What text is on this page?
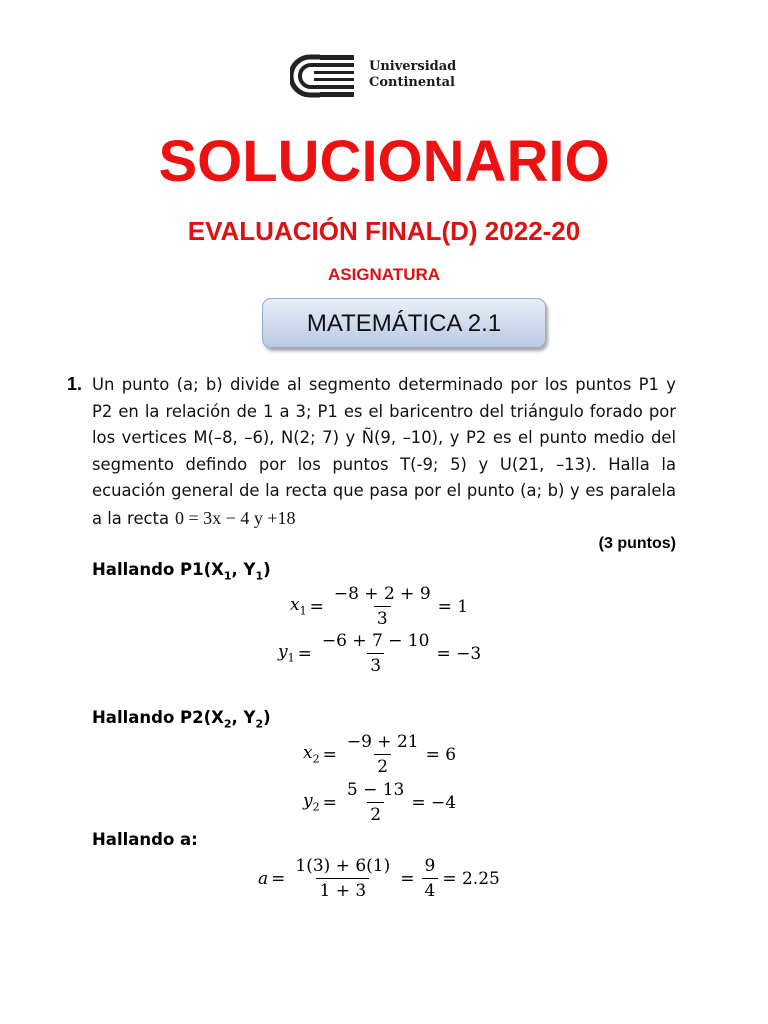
Universidad
Continental
SOLUCIONARIO
EVALUACIÓN FINAL(D) 2022-20
ASIGNATURA
MATEMÁTICA 2.1
1. Un punto (a; b) divide al segmento determinado por los puntos P1 y P2 en la relación de 1 a 3; P1 es el baricentro del triángulo forado por los vertices M(–8, –6), N(2; 7) y Ñ(9, –10), y P2 es el punto medio del segmento defindo por los puntos T(-9; 5) y U(21, –13). Halla la ecuación general de la recta que pasa por el punto (a; b) y es paralela a la recta 0 = 3x − 4 y +18
(3 puntos)
Hallando $P1(X_1$, $Y_1$)
$x_1 = \frac{-8 + 2 + 9}{3} = 1$
$y_1 = \frac{-6 + 7 - 10}{3} = -3$
Hallando $P2(X_2$, $Y_2$)
$x_2 = \frac{-9 + 21}{2} = 6$
$y_2 = \frac{5 - 13}{2} = -4$
Hallando a:
$a = \frac{1(3) + 6(1)}{1 + 3} = \frac{9}{4} = 2.25$
